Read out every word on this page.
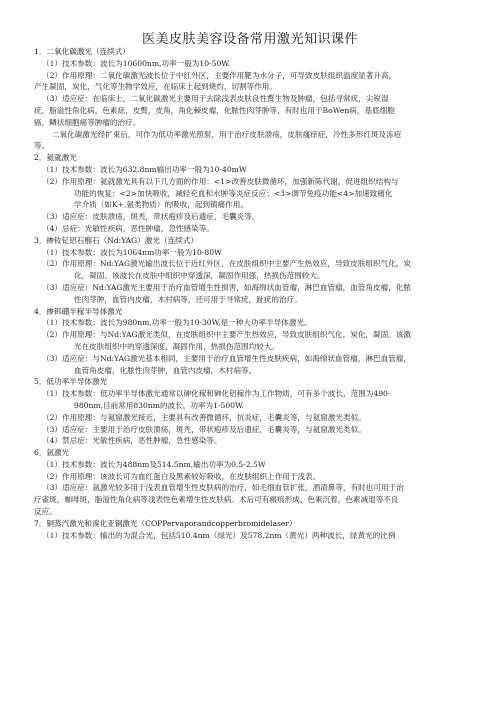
医美皮肤美容设备常用激光知识课件
1．二氧化碳激光（连续式）
（1）技术参数：波长为10600nm,功率一般为10-50W.
（2）作用原理：二氧化碳激光波长位于中红外区，主要作用靶为水分子，可导致皮肤组织温度显著升高，
产生凝固，炭化，气化等生物学效应，在临床上起到烧灼，切割等作用。
（3）适应症：在临床上，二氧化碳激光主要用于去除浅表皮肤良性赘生物及肿瘤，包括寻常疣，尖锐湿
疣，脂溢性角化病，色素痣，皮赘，皮角，角化棘皮瘤，化脓性肉芽肿等，有时也用于BoWen病，基底细胞
癌，鳞状细胞癌等肿瘤的治疗。
二氧化碳激光经扩束后，可作为低功率激光照射，用于治疗皮肤溃疡，皮肤瘙痒症，冷性多形红斑及冻疮
等。
2．氦就激光
（1）技术参数：波长为632.8nm输出功率一般为10-40mW
（2）作用原理：氦就激光具有以下几方面的作用：<1>改善皮肤微循环，加强新陈代谢，促进组织结构与
功能的恢复；<2>加快吸收，减轻充血和水肿等炎症反应；<3>调节免疫功能<4>加速致痛化
学介质（如K+,氨类物质）的吸收，起到镇痛作用。
（3）适应症：皮肤溃疡，斑秃，带状疱疹及后遗症，毛囊炎等。
（4）忌症：光敏性疾病，恶性肿瘤，急性感染等。
3．掺钕钇铝石榴石（Nd:YAG）激光（连续式）
（1）技术参数：波长为1064nm功率一般为10-80W
（2）作用原理：Nd:YAG激光输出波长位于近红外区，在皮肤组织中主要产生热效应，导致皮肤组织气化，炭
化，凝固。该波长在皮肤中组织中穿透深，凝固作用强，热损伤范围较大。
（3）适应症：Nd:YAG激光主要用于治疗血管增生性损害，如海绵状血管瘤，淋巴血管瘤，血管角皮瘤，化脓
性肉芽肿，血管内皮瘤，木村病等，还可用于寻常疣，趾疣的治疗。
4．掺铒硼半稼半导体激光
（1）技术参数：波长为980nm,功率一般为10-30W,是一种大功率半导体激光。
（2）作用原理：与Nd:YAG激光类似，在皮肤组织中主要产生热效应，导致皮肤组织气化，炭化，凝固。该激
光在皮肤组织中的穿透深度，凝固作用，热损伤范围均较大。
（3）适应症：与Nd:YAG激光基本相同，主要用于治疗血管增生性皮肤疾病，如海绵状血管瘤，淋巴血管瘤，
血管角皮瘤，化脓性肉芽肿，血管内皮瘤，木村病等。
5．低功率半导体激光
（1）技术参数：低功率半导体激光通常以砷化稼和砷化铝稼作为工作物质，可有多个波长，范围为490-
980nm,目前常用830nm的波长，功率为1-500W.
（2）作用原理：与氦窟激光接近，主要具有改善微循环，抗炎症，毛囊炎等，与氦窟激光类似。
（3）适应症：主要用于治疗皮肤溃疡，斑秃，带状疱疹及后遗症，毛囊炎等，与氦窟激光类似。
（4）禁忌症：光敏性疾病，恶性肿瘤，急性感染等。
6．氩激光
（1）技术参数：波长为488nm及514.5nm,输出功率为0.5-2.5W
（2）作用原理：该波长可为血红蛋白及黑素较好吸收，在皮肤组织上作用于浅表。
（3）适应症：氩激光较多用于浅表血管增生性皮肤病的治疗，如毛细血管扩张，酒渣鼻等，有时也可用于治
疗雀斑，咖啡斑，脂溢性角化病等浅表性色素增生性皮肤病。术后可有瘢痕形成，色素沉着，色素减退等不良
反应。
7．铜蒸汽激光和溴化亚铜激光（COPPervaporandcopperbromidelaser）
（1）技术参数：输出的为混合光，包括510.4nm（绿光）及578,2nm（黄光）两种波长，绿黄光的比例
